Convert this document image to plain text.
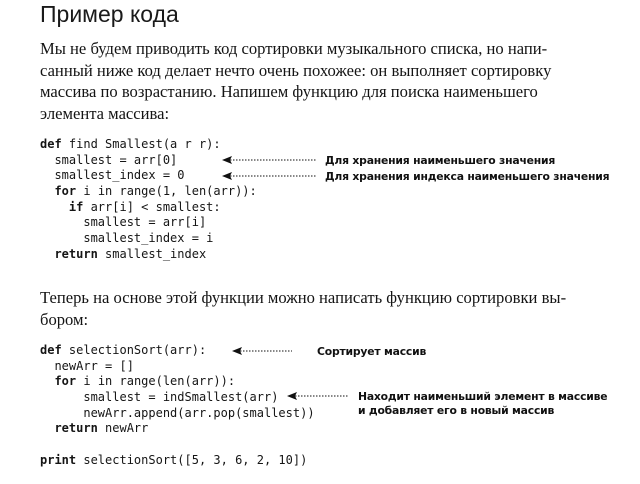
Пример кода
Мы не будем приводить код сортировки музыкального списка, но напи-
санный ниже код делает нечто очень похожее: он выполняет сортировку
массива по возрастанию. Напишем функцию для поиска наименьшего
элемента массива:
def find Smallest(a r r):
smallest = arr[0]
smallest_index = 0
for i in range(1, len(arr)):
if arr[i] < smallest:
smallest = arr[i]
smallest_index = i
return smallest_index
Для хранения наименьшего значения
Для хранения индекса наименьшего значения
Теперь на основе этой функции можно написать функцию сортировки вы-
бором:
def selectionSort(arr):
newArr = []
for i in range(len(arr)):
smallest = indSmallest(arr)
newArr.append(arr.pop(smallest))
return newArr
print selectionSort([5, 3, 6, 2, 10])
Сортирует массив
Находит наименьший элемент в массиве
и добавляет его в новый массив
